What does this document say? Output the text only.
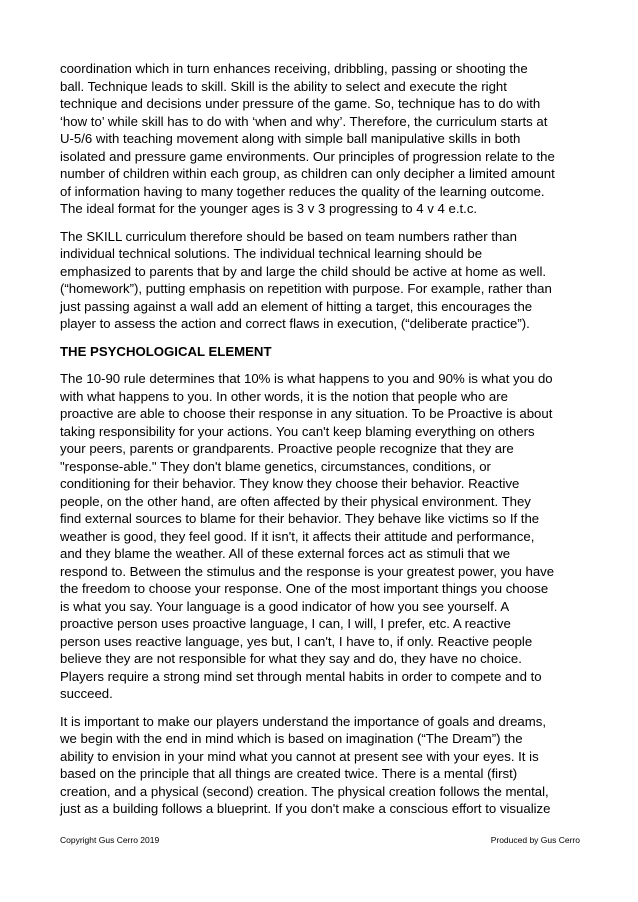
coordination which in turn enhances receiving, dribbling, passing or shooting the
ball. Technique leads to skill. Skill is the ability to select and execute the right
technique and decisions under pressure of the game. So, technique has to do with
‘how to’ while skill has to do with ‘when and why’. Therefore, the curriculum starts at
U-5/6 with teaching movement along with simple ball manipulative skills in both
isolated and pressure game environments. Our principles of progression relate to the
number of children within each group, as children can only decipher a limited amount
of information having to many together reduces the quality of the learning outcome.
The ideal format for the younger ages is 3 v 3 progressing to 4 v 4 e.t.c.

The SKILL curriculum therefore should be based on team numbers rather than
individual technical solutions. The individual technical learning should be
emphasized to parents that by and large the child should be active at home as well.
(“homework”), putting emphasis on repetition with purpose. For example, rather than
just passing against a wall add an element of hitting a target, this encourages the
player to assess the action and correct flaws in execution, (“deliberate practice”).

THE PSYCHOLOGICAL ELEMENT

The 10-90 rule determines that 10% is what happens to you and 90% is what you do
with what happens to you. In other words, it is the notion that people who are
proactive are able to choose their response in any situation. To be Proactive is about
taking responsibility for your actions. You can't keep blaming everything on others
your peers, parents or grandparents. Proactive people recognize that they are
"response-able." They don't blame genetics, circumstances, conditions, or
conditioning for their behavior. They know they choose their behavior. Reactive
people, on the other hand, are often affected by their physical environment. They
find external sources to blame for their behavior. They behave like victims so If the
weather is good, they feel good. If it isn't, it affects their attitude and performance,
and they blame the weather. All of these external forces act as stimuli that we
respond to. Between the stimulus and the response is your greatest power, you have
the freedom to choose your response. One of the most important things you choose
is what you say. Your language is a good indicator of how you see yourself. A
proactive person uses proactive language, I can, I will, I prefer, etc. A reactive
person uses reactive language, yes but, I can't, I have to, if only. Reactive people
believe they are not responsible for what they say and do, they have no choice.
Players require a strong mind set through mental habits in order to compete and to
succeed.

It is important to make our players understand the importance of goals and dreams,
we begin with the end in mind which is based on imagination (“The Dream”) the
ability to envision in your mind what you cannot at present see with your eyes. It is
based on the principle that all things are created twice. There is a mental (first)
creation, and a physical (second) creation. The physical creation follows the mental,
just as a building follows a blueprint. If you don't make a conscious effort to visualize

Copyright Gus Cerro 2019	Produced by Gus Cerro
